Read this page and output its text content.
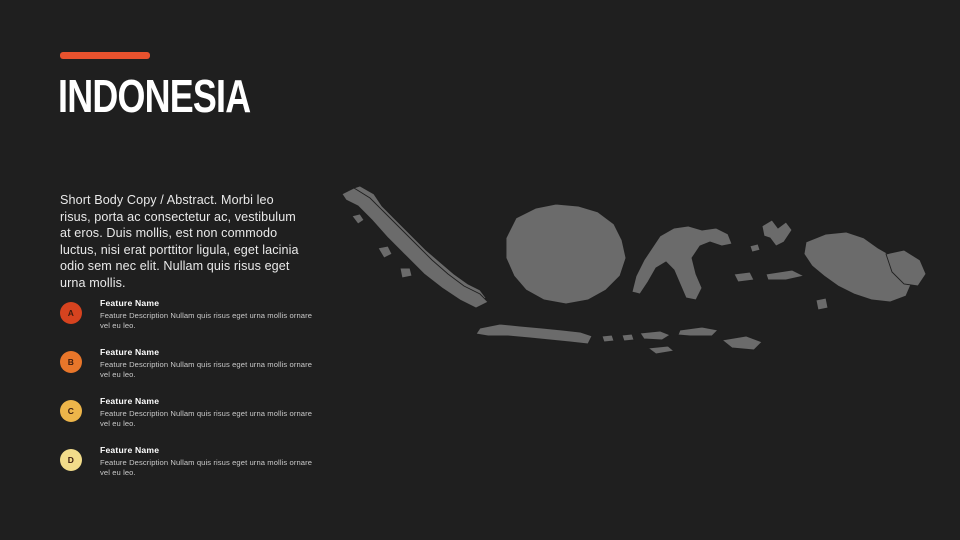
INDONESIA
Short Body Copy / Abstract. Morbi leo risus, porta ac consectetur ac, vestibulum at eros. Duis mollis, est non commodo luctus, nisi erat porttitor ligula, eget lacinia odio sem nec elit. Nullam quis risus eget urna mollis.
A
Feature Name
Feature Description Nullam quis risus eget urna mollis ornare vel eu leo.
B
Feature Name
Feature Description Nullam quis risus eget urna mollis ornare vel eu leo.
C
Feature Name
Feature Description Nullam quis risus eget urna mollis ornare vel eu leo.
D
Feature Name
Feature Description Nullam quis risus eget urna mollis ornare vel eu leo.
